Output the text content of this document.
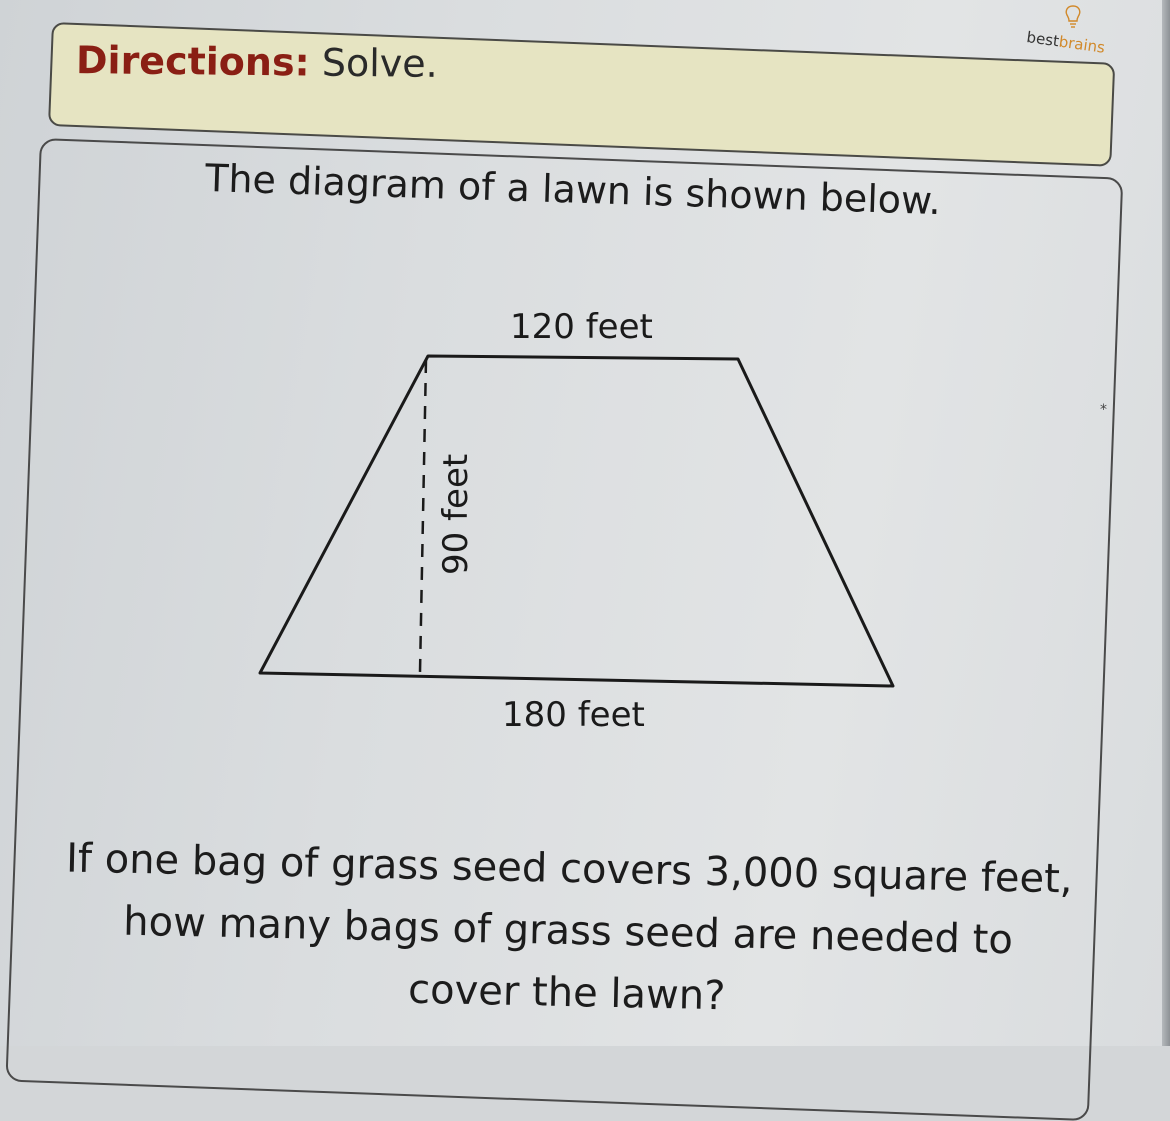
Directions: Solve.
bestbrains
The diagram of a lawn is shown below.
120 feet
180 feet
90 feet
*
If one bag of grass seed covers 3,000 square feet,
how many bags of grass seed are needed to
cover the lawn?
